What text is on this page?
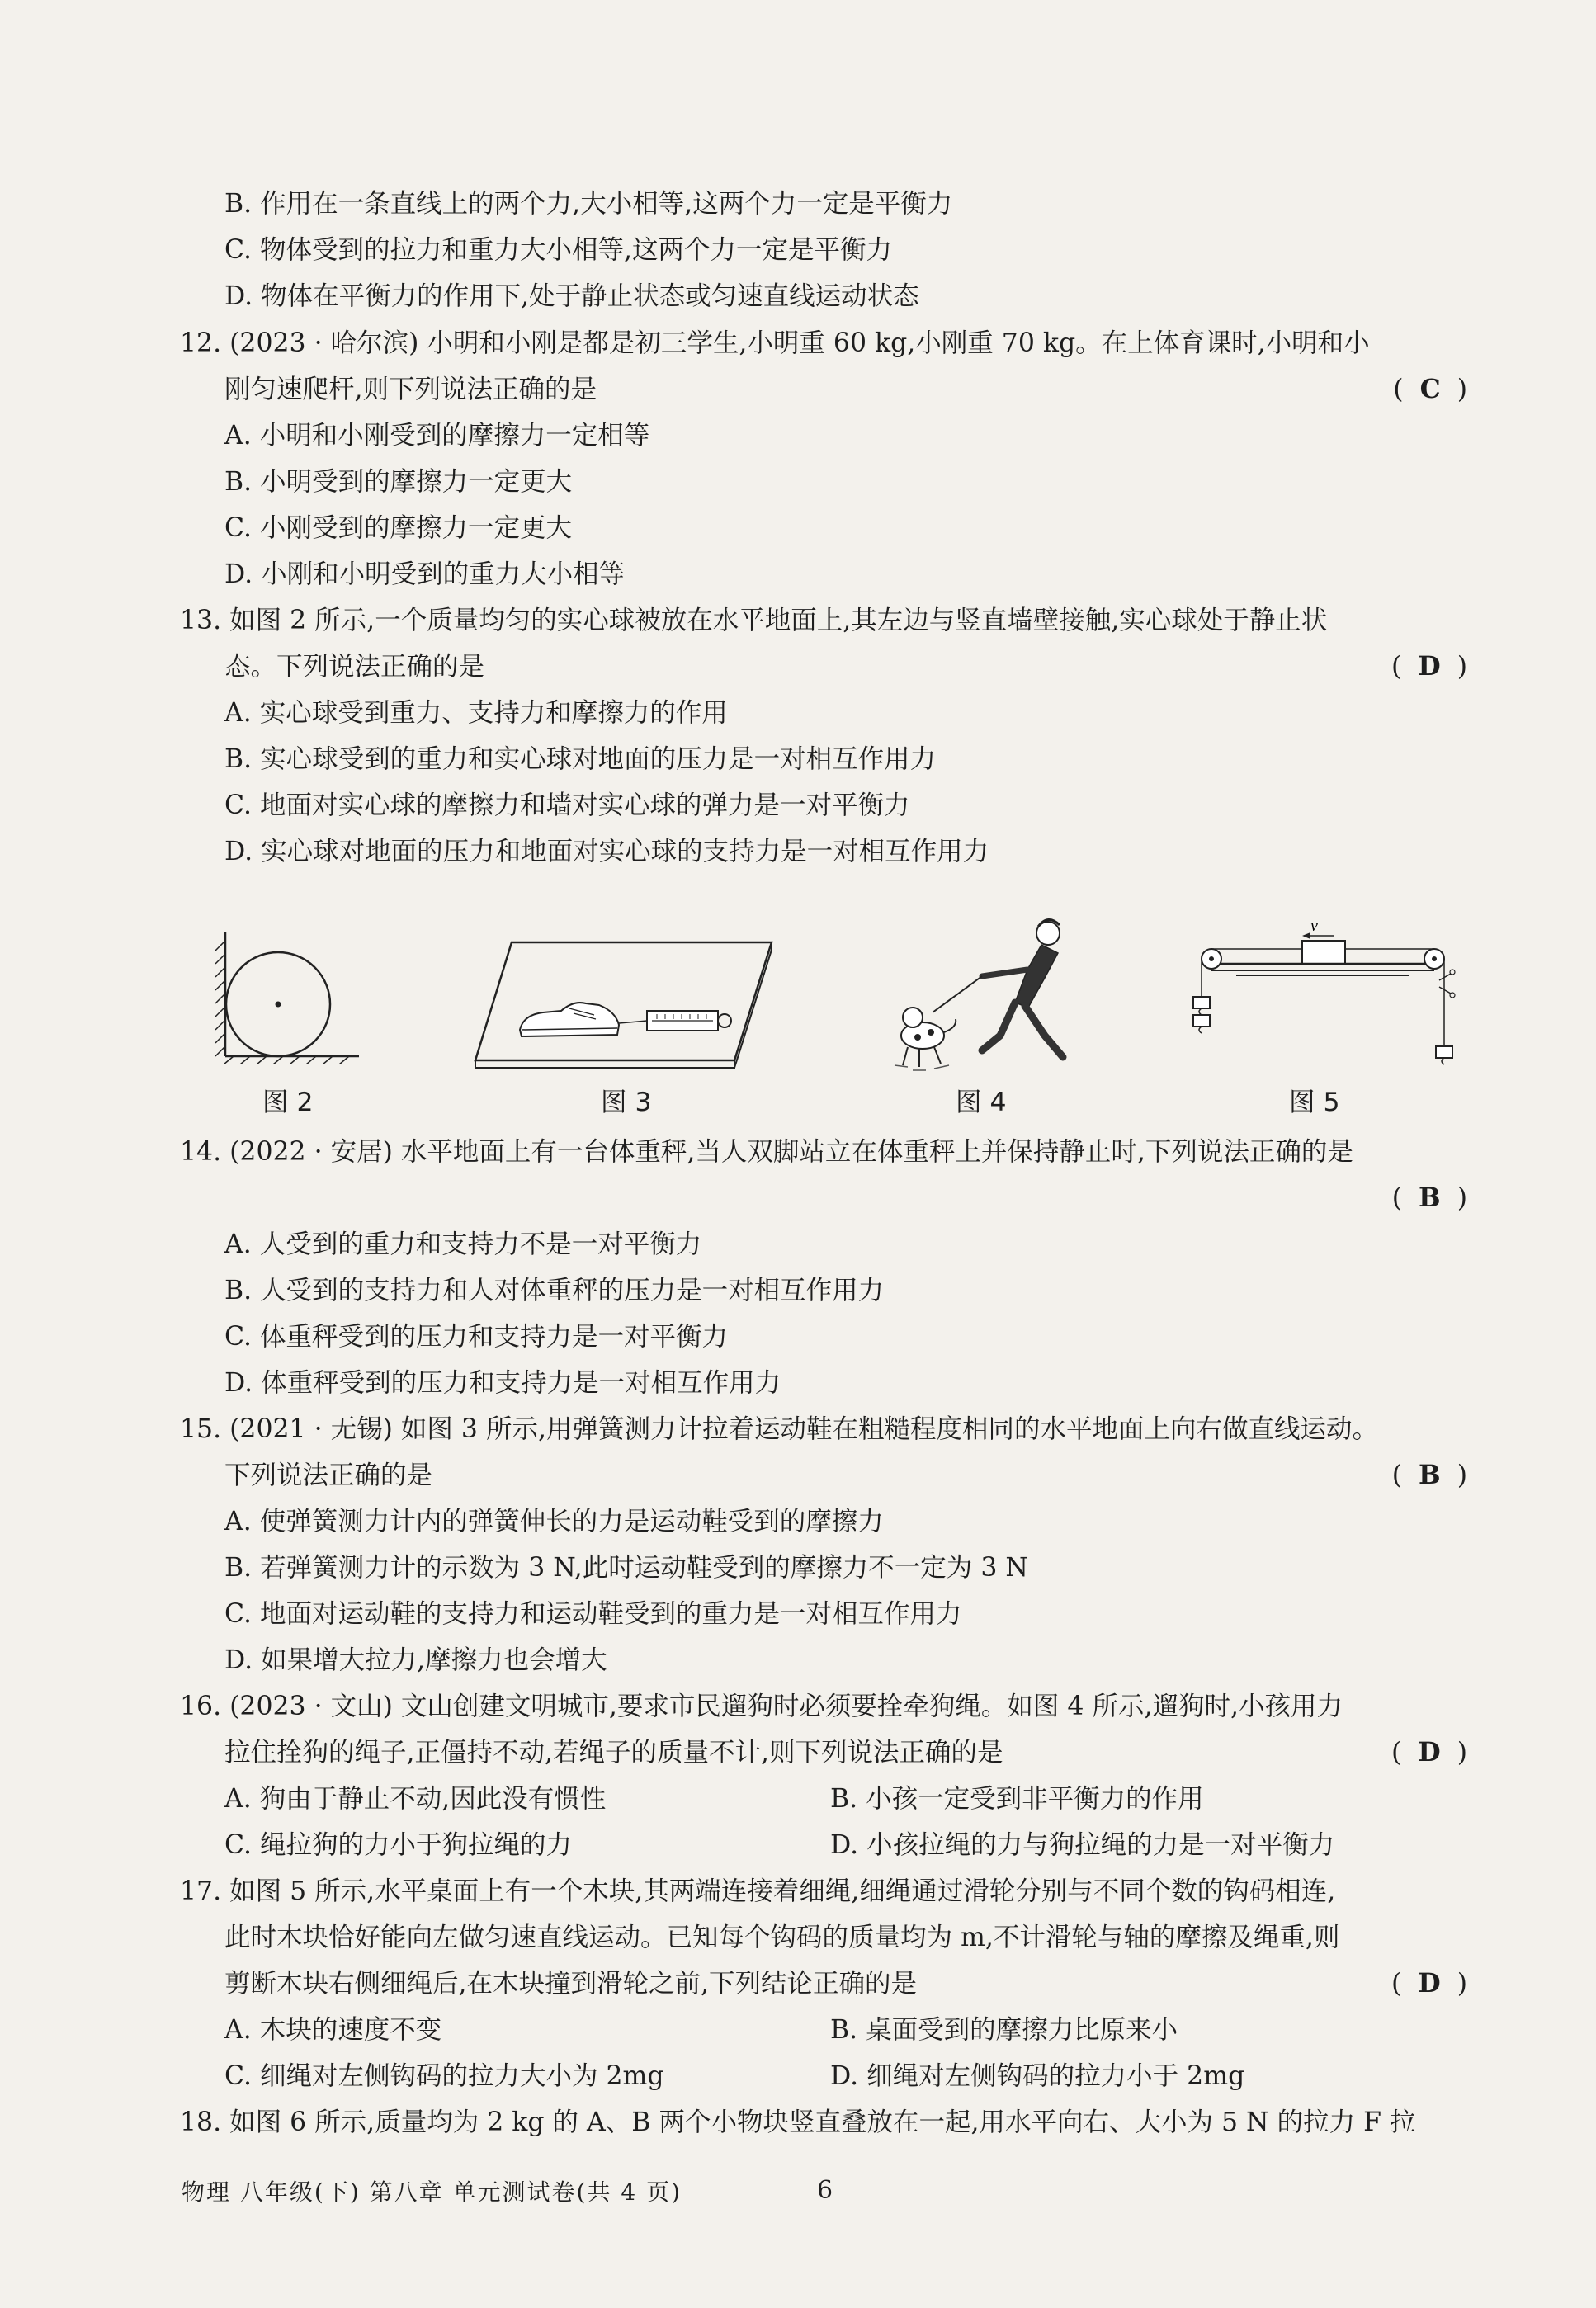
B. 作用在一条直线上的两个力,大小相等,这两个力一定是平衡力
C. 物体受到的拉力和重力大小相等,这两个力一定是平衡力
D. 物体在平衡力的作用下,处于静止状态或匀速直线运动状态
12. (2023 · 哈尔滨) 小明和小刚是都是初三学生,小明重 60 kg,小刚重 70 kg。在上体育课时,小明和小
刚匀速爬杆,则下列说法正确的是	(  C  )
A. 小明和小刚受到的摩擦力一定相等
B. 小明受到的摩擦力一定更大
C. 小刚受到的摩擦力一定更大
D. 小刚和小明受到的重力大小相等
13. 如图 2 所示,一个质量均匀的实心球被放在水平地面上,其左边与竖直墙壁接触,实心球处于静止状
态。下列说法正确的是	(  D  )
A. 实心球受到重力、支持力和摩擦力的作用
B. 实心球受到的重力和实心球对地面的压力是一对相互作用力
C. 地面对实心球的摩擦力和墙对实心球的弹力是一对平衡力
D. 实心球对地面的压力和地面对实心球的支持力是一对相互作用力
图 2	图 3	图 4
v
图 5
14. (2022 · 安居) 水平地面上有一台体重秤,当人双脚站立在体重秤上并保持静止时,下列说法正确的是
(  B  )
A. 人受到的重力和支持力不是一对平衡力
B. 人受到的支持力和人对体重秤的压力是一对相互作用力
C. 体重秤受到的压力和支持力是一对平衡力
D. 体重秤受到的压力和支持力是一对相互作用力
15. (2021 · 无锡) 如图 3 所示,用弹簧测力计拉着运动鞋在粗糙程度相同的水平地面上向右做直线运动。
下列说法正确的是	(  B  )
A. 使弹簧测力计内的弹簧伸长的力是运动鞋受到的摩擦力
B. 若弹簧测力计的示数为 3 N,此时运动鞋受到的摩擦力不一定为 3 N
C. 地面对运动鞋的支持力和运动鞋受到的重力是一对相互作用力
D. 如果增大拉力,摩擦力也会增大
16. (2023 · 文山) 文山创建文明城市,要求市民遛狗时必须要拴牵狗绳。如图 4 所示,遛狗时,小孩用力
拉住拴狗的绳子,正僵持不动,若绳子的质量不计,则下列说法正确的是	(  D  )
A. 狗由于静止不动,因此没有惯性	B. 小孩一定受到非平衡力的作用
C. 绳拉狗的力小于狗拉绳的力	D. 小孩拉绳的力与狗拉绳的力是一对平衡力
17. 如图 5 所示,水平桌面上有一个木块,其两端连接着细绳,细绳通过滑轮分别与不同个数的钩码相连,
此时木块恰好能向左做匀速直线运动。已知每个钩码的质量均为 m,不计滑轮与轴的摩擦及绳重,则
剪断木块右侧细绳后,在木块撞到滑轮之前,下列结论正确的是	(  D  )
A. 木块的速度不变	B. 桌面受到的摩擦力比原来小
C. 细绳对左侧钩码的拉力大小为 2mg	D. 细绳对左侧钩码的拉力小于 2mg
18. 如图 6 所示,质量均为 2 kg 的 A、B 两个小物块竖直叠放在一起,用水平向右、大小为 5 N 的拉力 F 拉
物理 八年级(下) 第八章 单元测试卷(共 4 页)	6
